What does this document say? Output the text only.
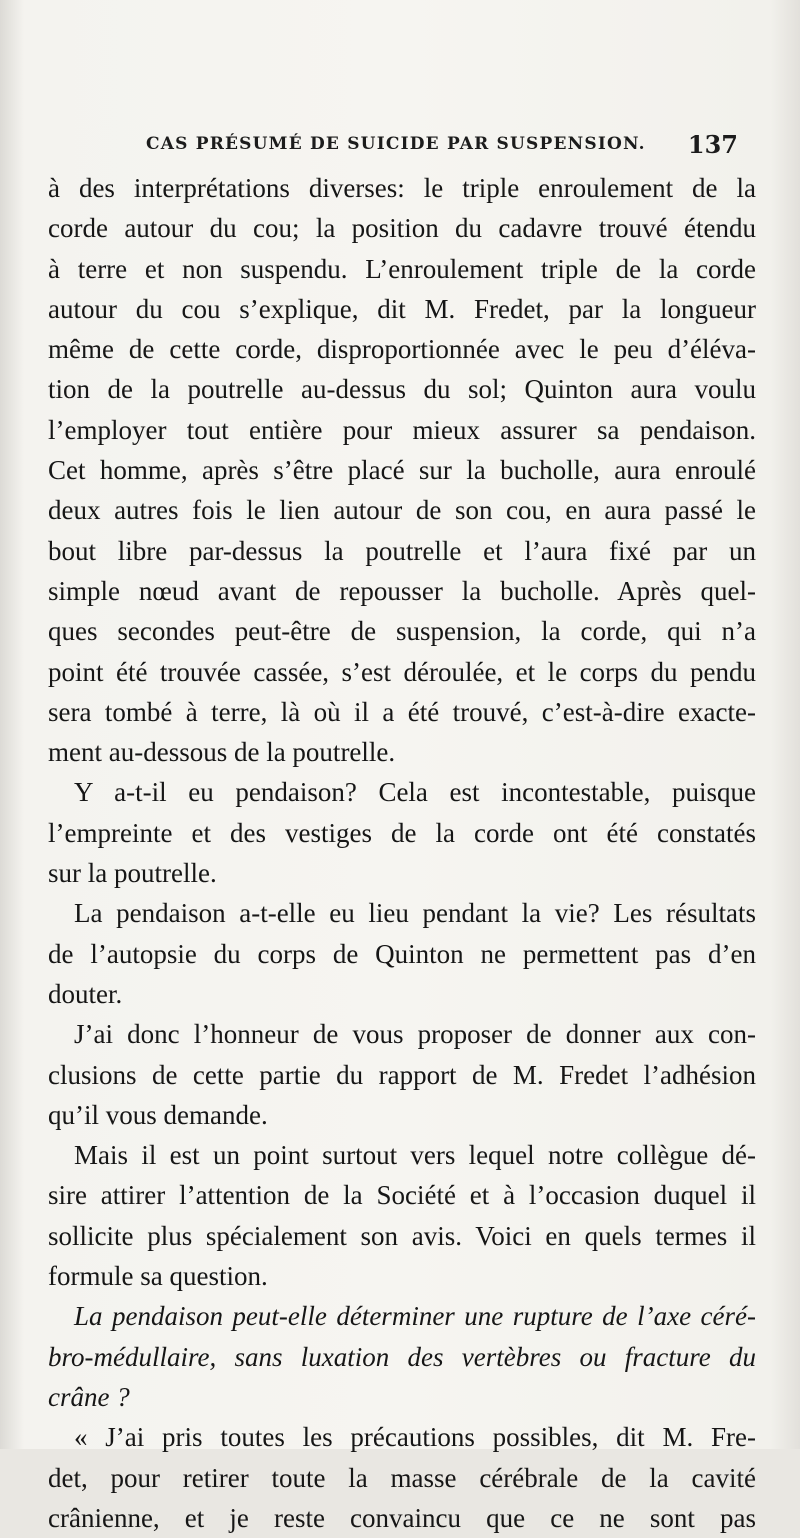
CAS PRÉSUMÉ DE SUICIDE PAR SUSPENSION. 137
à des interprétations diverses: le triple enroulement de la
corde autour du cou; la position du cadavre trouvé étendu
à terre et non suspendu. L’enroulement triple de la corde
autour du cou s’explique, dit M. Fredet, par la longueur
même de cette corde, disproportionnée avec le peu d’éléva-
tion de la poutrelle au-dessus du sol; Quinton aura voulu
l’employer tout entière pour mieux assurer sa pendaison.
Cet homme, après s’être placé sur la bucholle, aura enroulé
deux autres fois le lien autour de son cou, en aura passé le
bout libre par-dessus la poutrelle et l’aura fixé par un
simple nœud avant de repousser la bucholle. Après quel-
ques secondes peut-être de suspension, la corde, qui n’a
point été trouvée cassée, s’est déroulée, et le corps du pendu
sera tombé à terre, là où il a été trouvé, c’est-à-dire exacte-
ment au-dessous de la poutrelle.
Y a-t-il eu pendaison? Cela est incontestable, puisque
l’empreinte et des vestiges de la corde ont été constatés
sur la poutrelle.
La pendaison a-t-elle eu lieu pendant la vie? Les résultats
de l’autopsie du corps de Quinton ne permettent pas d’en
douter.
J’ai donc l’honneur de vous proposer de donner aux con-
clusions de cette partie du rapport de M. Fredet l’adhésion
qu’il vous demande.
Mais il est un point surtout vers lequel notre collègue dé-
sire attirer l’attention de la Société et à l’occasion duquel il
sollicite plus spécialement son avis. Voici en quels termes il
formule sa question.
La pendaison peut-elle déterminer une rupture de l’axe céré-
bro-médullaire, sans luxation des vertèbres ou fracture du
crâne ?
« J’ai pris toutes les précautions possibles, dit M. Fre-
det, pour retirer toute la masse cérébrale de la cavité
crânienne, et je reste convaincu que ce ne sont pas
